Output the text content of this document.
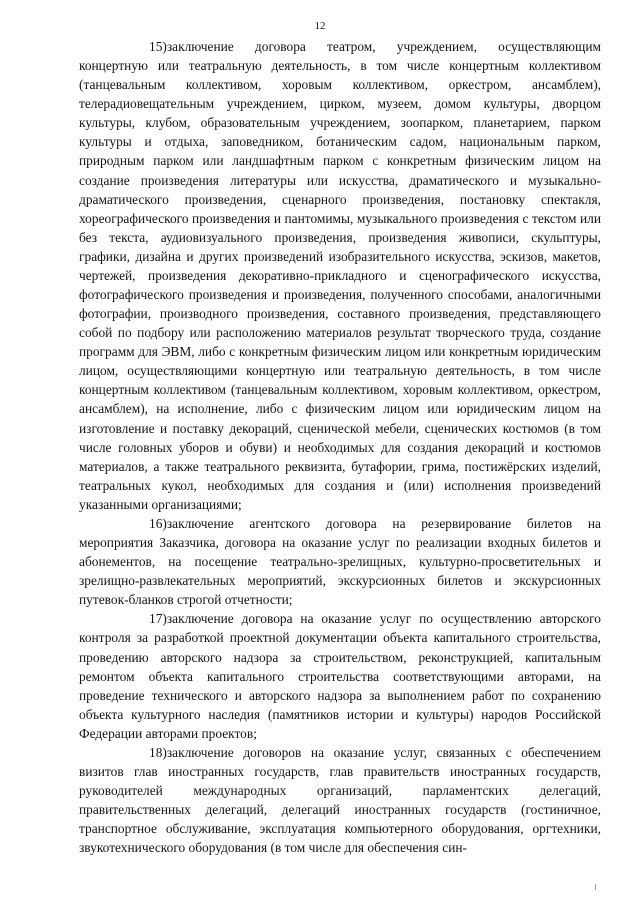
12

15)заключение договора театром, учреждением, осуществляющим концертную или театральную деятельность, в том числе концертным коллективом (танцевальным коллективом, хоровым коллективом, оркестром, ансамблем), телерадиовещательным учреждением, цирком, музеем, домом культуры, дворцом культуры, клубом, образовательным учреждением, зоопарком, планетарием, парком культуры и отдыха, заповедником, ботаническим садом, национальным парком, природным парком или ландшафтным парком с конкретным физическим лицом на создание произведения литературы или искусства, драматического и музыкально-драматического произведения, сценарного произведения, постановку спектакля, хореографического произведения и пантомимы, музыкального произведения с текстом или без текста, аудиовизуального произведения, произведения живописи, скульптуры, графики, дизайна и других произведений изобразительного искусства, эскизов, макетов, чертежей, произведения декоративно-прикладного и сценографического искусства, фотографического произведения и произведения, полученного способами, аналогичными фотографии, производного произведения, составного произведения, представляющего собой по подбору или расположению материалов результат творческого труда, создание программ для ЭВМ, либо с конкретным физическим лицом или конкретным юридическим лицом, осуществляющими концертную или театральную деятельность, в том числе концертным коллективом (танцевальным коллективом, хоровым коллективом, оркестром, ансамблем), на исполнение, либо с физическим лицом или юридическим лицом на изготовление и поставку декораций, сценической мебели, сценических костюмов (в том числе головных уборов и обуви) и необходимых для создания декораций и костюмов материалов, а также театрального реквизита, бутафории, грима, постижёрских изделий, театральных кукол, необходимых для создания и (или) исполнения произведений указанными организациями;

16)заключение агентского договора на резервирование билетов на мероприятия Заказчика, договора на оказание услуг по реализации входных билетов и абонементов, на посещение театрально-зрелищных, культурно-просветительных и зрелищно-развлекательных мероприятий, экскурсионных билетов и экскурсионных путевок-бланков строгой отчетности;

17)заключение договора на оказание услуг по осуществлению авторского контроля за разработкой проектной документации объекта капитального строительства, проведению авторского надзора за строительством, реконструкцией, капитальным ремонтом объекта капитального строительства соответствующими авторами, на проведение технического и авторского надзора за выполнением работ по сохранению объекта культурного наследия (памятников истории и культуры) народов Российской Федерации авторами проектов;

18)заключение договоров на оказание услуг, связанных с обеспечением визитов глав иностранных государств, глав правительств иностранных государств, руководителей международных организаций, парламентских делегаций, правительственных делегаций, делегаций иностранных государств (гостиничное, транспортное обслуживание, эксплуатация компьютерного оборудования, оргтехники, звукотехнического оборудования (в том числе для обеспечения син-
